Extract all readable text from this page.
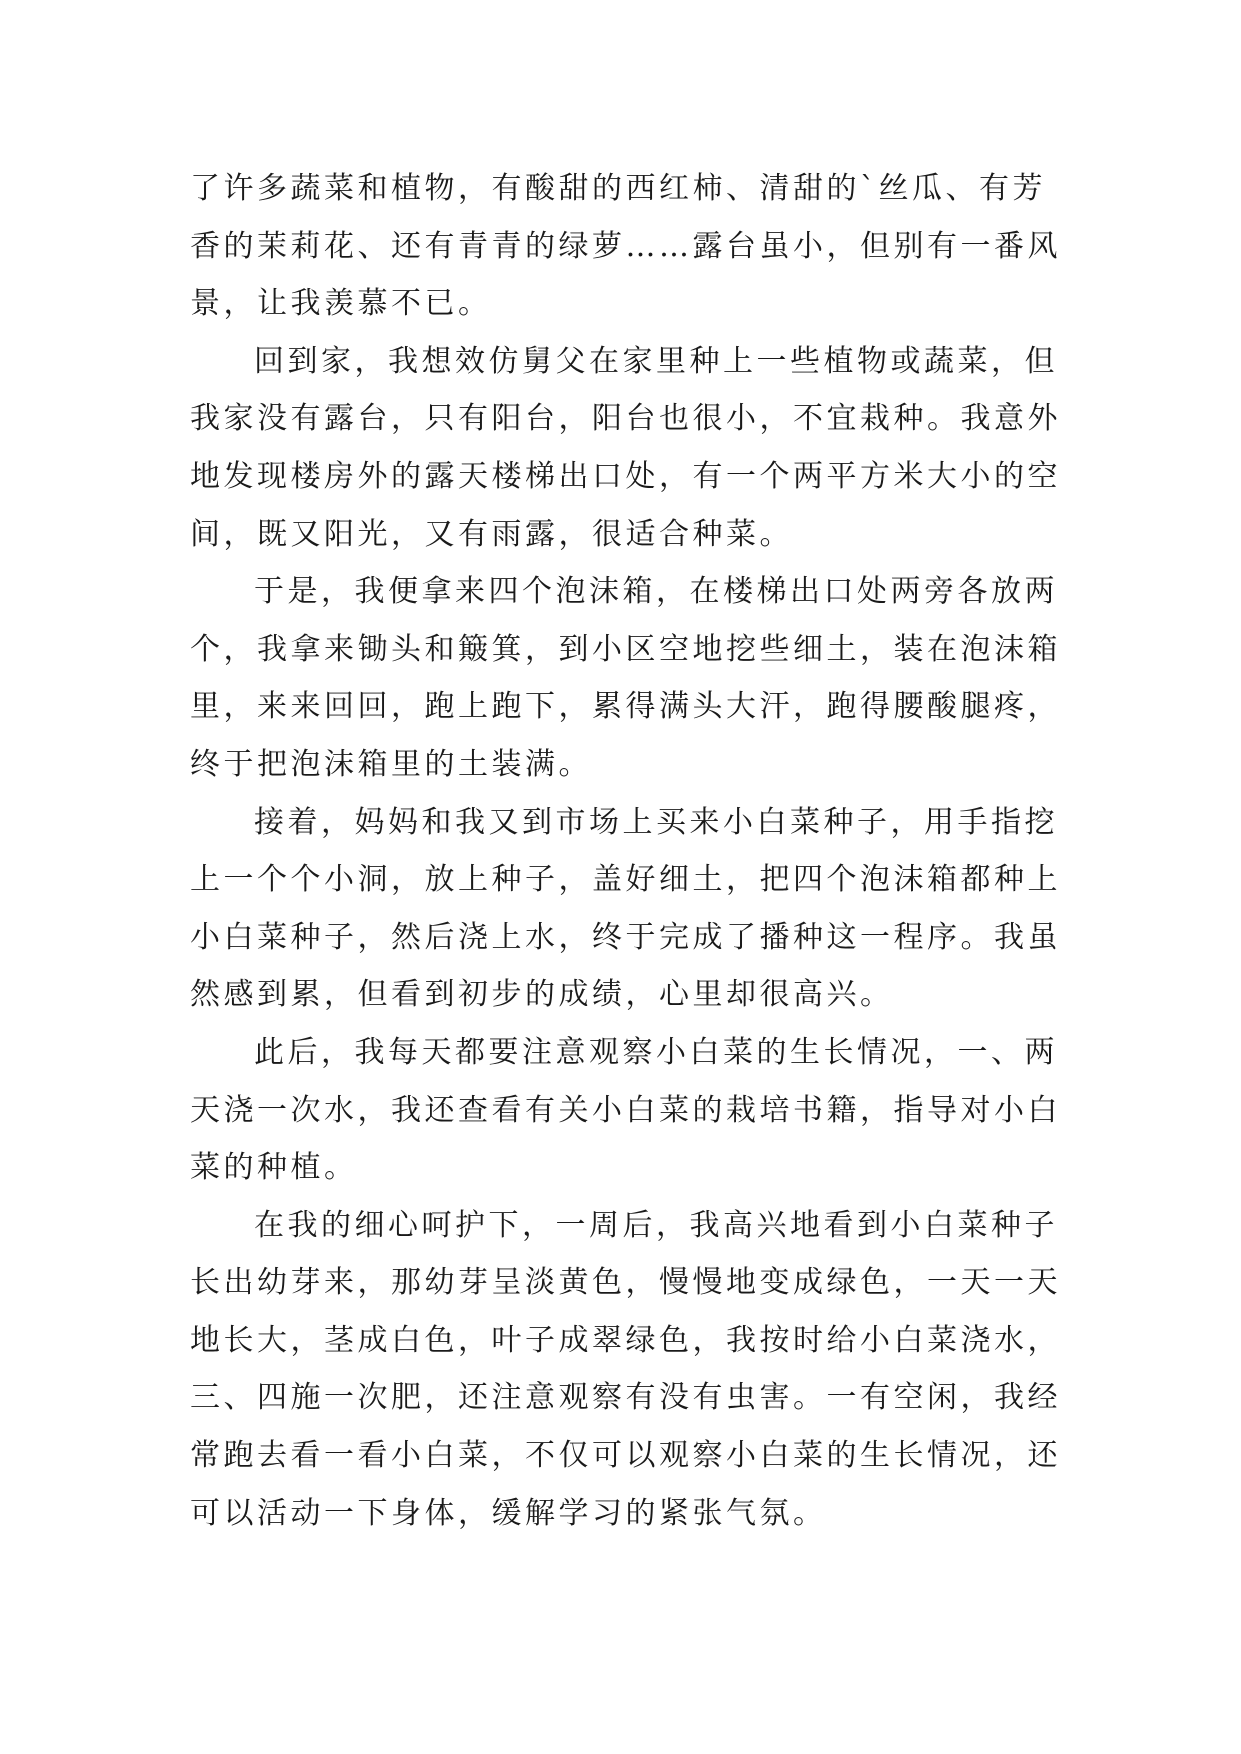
了许多蔬菜和植物，有酸甜的西红柿、清甜的`丝瓜、有芳
香的茉莉花、还有青青的绿萝……露台虽小，但别有一番风
景，让我羡慕不已。
回到家，我想效仿舅父在家里种上一些植物或蔬菜，但
我家没有露台，只有阳台，阳台也很小，不宜栽种。我意外
地发现楼房外的露天楼梯出口处，有一个两平方米大小的空
间，既又阳光，又有雨露，很适合种菜。
于是，我便拿来四个泡沫箱，在楼梯出口处两旁各放两
个，我拿来锄头和簸箕，到小区空地挖些细土，装在泡沫箱
里，来来回回，跑上跑下，累得满头大汗，跑得腰酸腿疼，
终于把泡沫箱里的土装满。
接着，妈妈和我又到市场上买来小白菜种子，用手指挖
上一个个小洞，放上种子，盖好细土，把四个泡沫箱都种上
小白菜种子，然后浇上水，终于完成了播种这一程序。我虽
然感到累，但看到初步的成绩，心里却很高兴。
此后，我每天都要注意观察小白菜的生长情况，一、两
天浇一次水，我还查看有关小白菜的栽培书籍，指导对小白
菜的种植。
在我的细心呵护下，一周后，我高兴地看到小白菜种子
长出幼芽来，那幼芽呈淡黄色，慢慢地变成绿色，一天一天
地长大，茎成白色，叶子成翠绿色，我按时给小白菜浇水，
三、四施一次肥，还注意观察有没有虫害。一有空闲，我经
常跑去看一看小白菜，不仅可以观察小白菜的生长情况，还
可以活动一下身体，缓解学习的紧张气氛。
